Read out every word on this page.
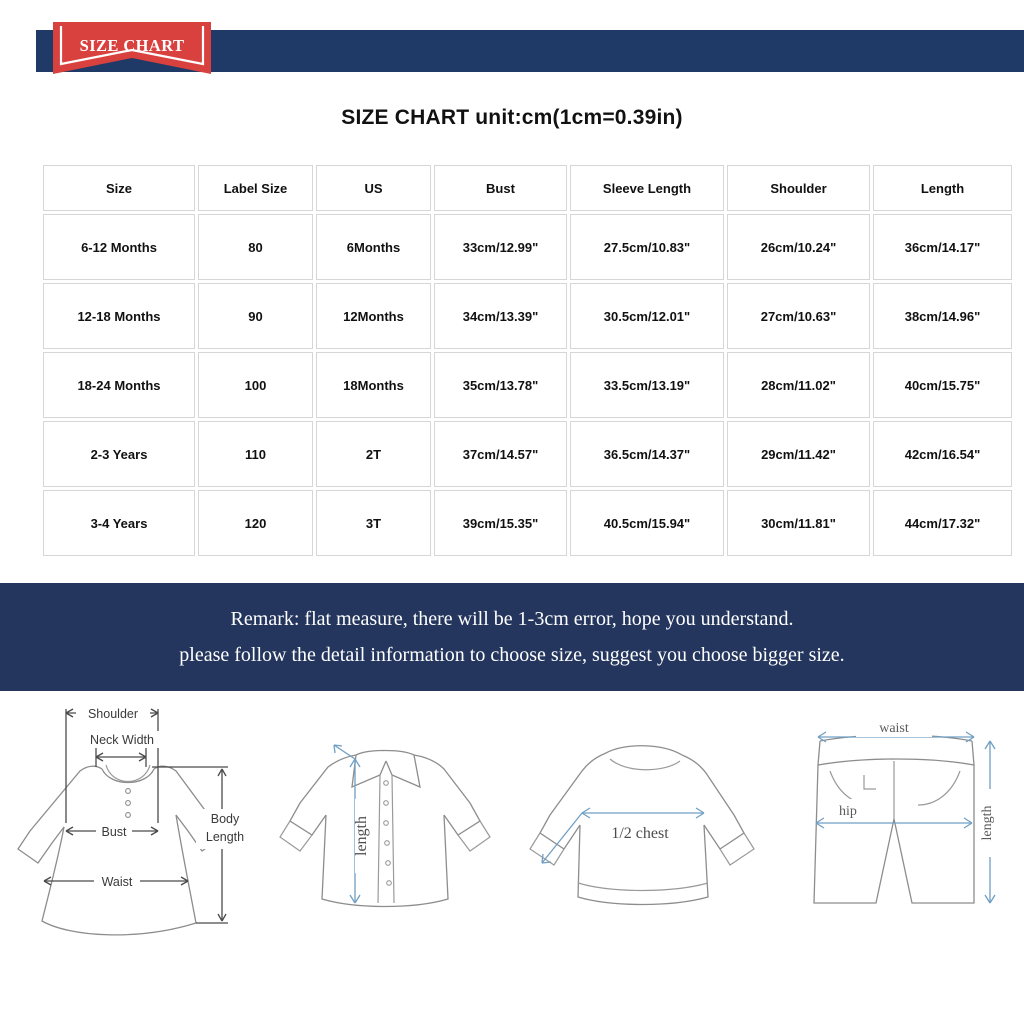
SIZE CHART
SIZE CHART unit:cm(1cm=0.39in)
Size	Label Size	US	Bust	Sleeve Length	Shoulder	Length
6-12 Months	80	6Months	33cm/12.99"	27.5cm/10.83"	26cm/10.24"	36cm/14.17"
12-18 Months	90	12Months	34cm/13.39"	30.5cm/12.01"	27cm/10.63"	38cm/14.96"
18-24 Months	100	18Months	35cm/13.78"	33.5cm/13.19"	28cm/11.02"	40cm/15.75"
2-3 Years	110	2T	37cm/14.57"	36.5cm/14.37"	29cm/11.42"	42cm/16.54"
3-4 Years	120	3T	39cm/15.35"	40.5cm/15.94"	30cm/11.81"	44cm/17.32"
Remark: flat measure, there will be 1-3cm error, hope you understand.
please follow the detail information to choose size, suggest you choose bigger size.
Shoulder
Neck Width
Bust
Waist
Body
Length	length	1/2 chest
waist
hip	length
